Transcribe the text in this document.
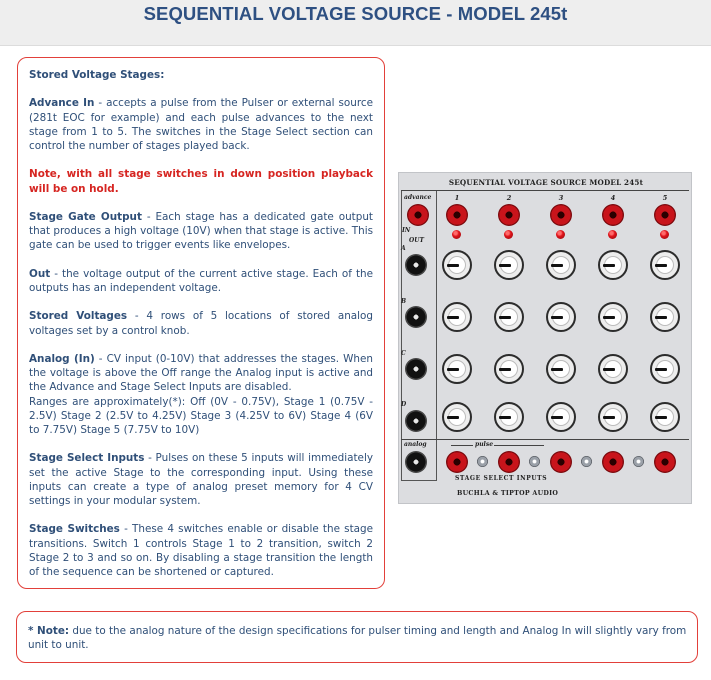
SEQUENTIAL VOLTAGE SOURCE - MODEL 245t

Stored Voltage Stages:

Advance In - accepts a pulse from the Pulser or external source (281t EOC for example) and each pulse advances to the next stage from 1 to 5. The switches in the Stage Select section can control the number of stages played back.

Note, with all stage switches in down position playback will be on hold.

Stage Gate Output - Each stage has a dedicated gate output that produces a high voltage (10V) when that stage is active. This gate can be used to trigger events like envelopes.

Out - the voltage output of the current active stage. Each of the outputs has an independent voltage.

Stored Voltages - 4 rows of 5 locations of stored analog voltages set by a control knob.

Analog (In) - CV input (0-10V) that addresses the stages. When the voltage is above the Off range the Analog input is active and the Advance and Stage Select Inputs are disabled.
Ranges are approximately(*): Off (0V - 0.75V), Stage 1 (0.75V - 2.5V) Stage 2 (2.5V to 4.25V) Stage 3 (4.25V to 6V) Stage 4 (6V to 7.75V) Stage 5 (7.75V to 10V)

Stage Select Inputs - Pulses on these 5 inputs will immediately set the active Stage to the corresponding input. Using these inputs can create a type of analog preset memory for 4 CV settings in your modular system.

Stage Switches - These 4 switches enable or disable the stage transitions. Switch 1 controls Stage 1 to 2 transition, switch 2 Stage 2 to 3 and so on. By disabling a stage transition the length of the sequence can be shortened or captured.

SEQUENTIAL VOLTAGE SOURCE MODEL 245t
advance
IN
OUT
analog	pulse
STAGE SELECT INPUTS
BUCHLA & TIPTOP AUDIO
A
B
C
D
1	2	3	4	5
* Note: due to the analog nature of the design specifications for pulser timing and length and Analog In will slightly vary from unit to unit.
